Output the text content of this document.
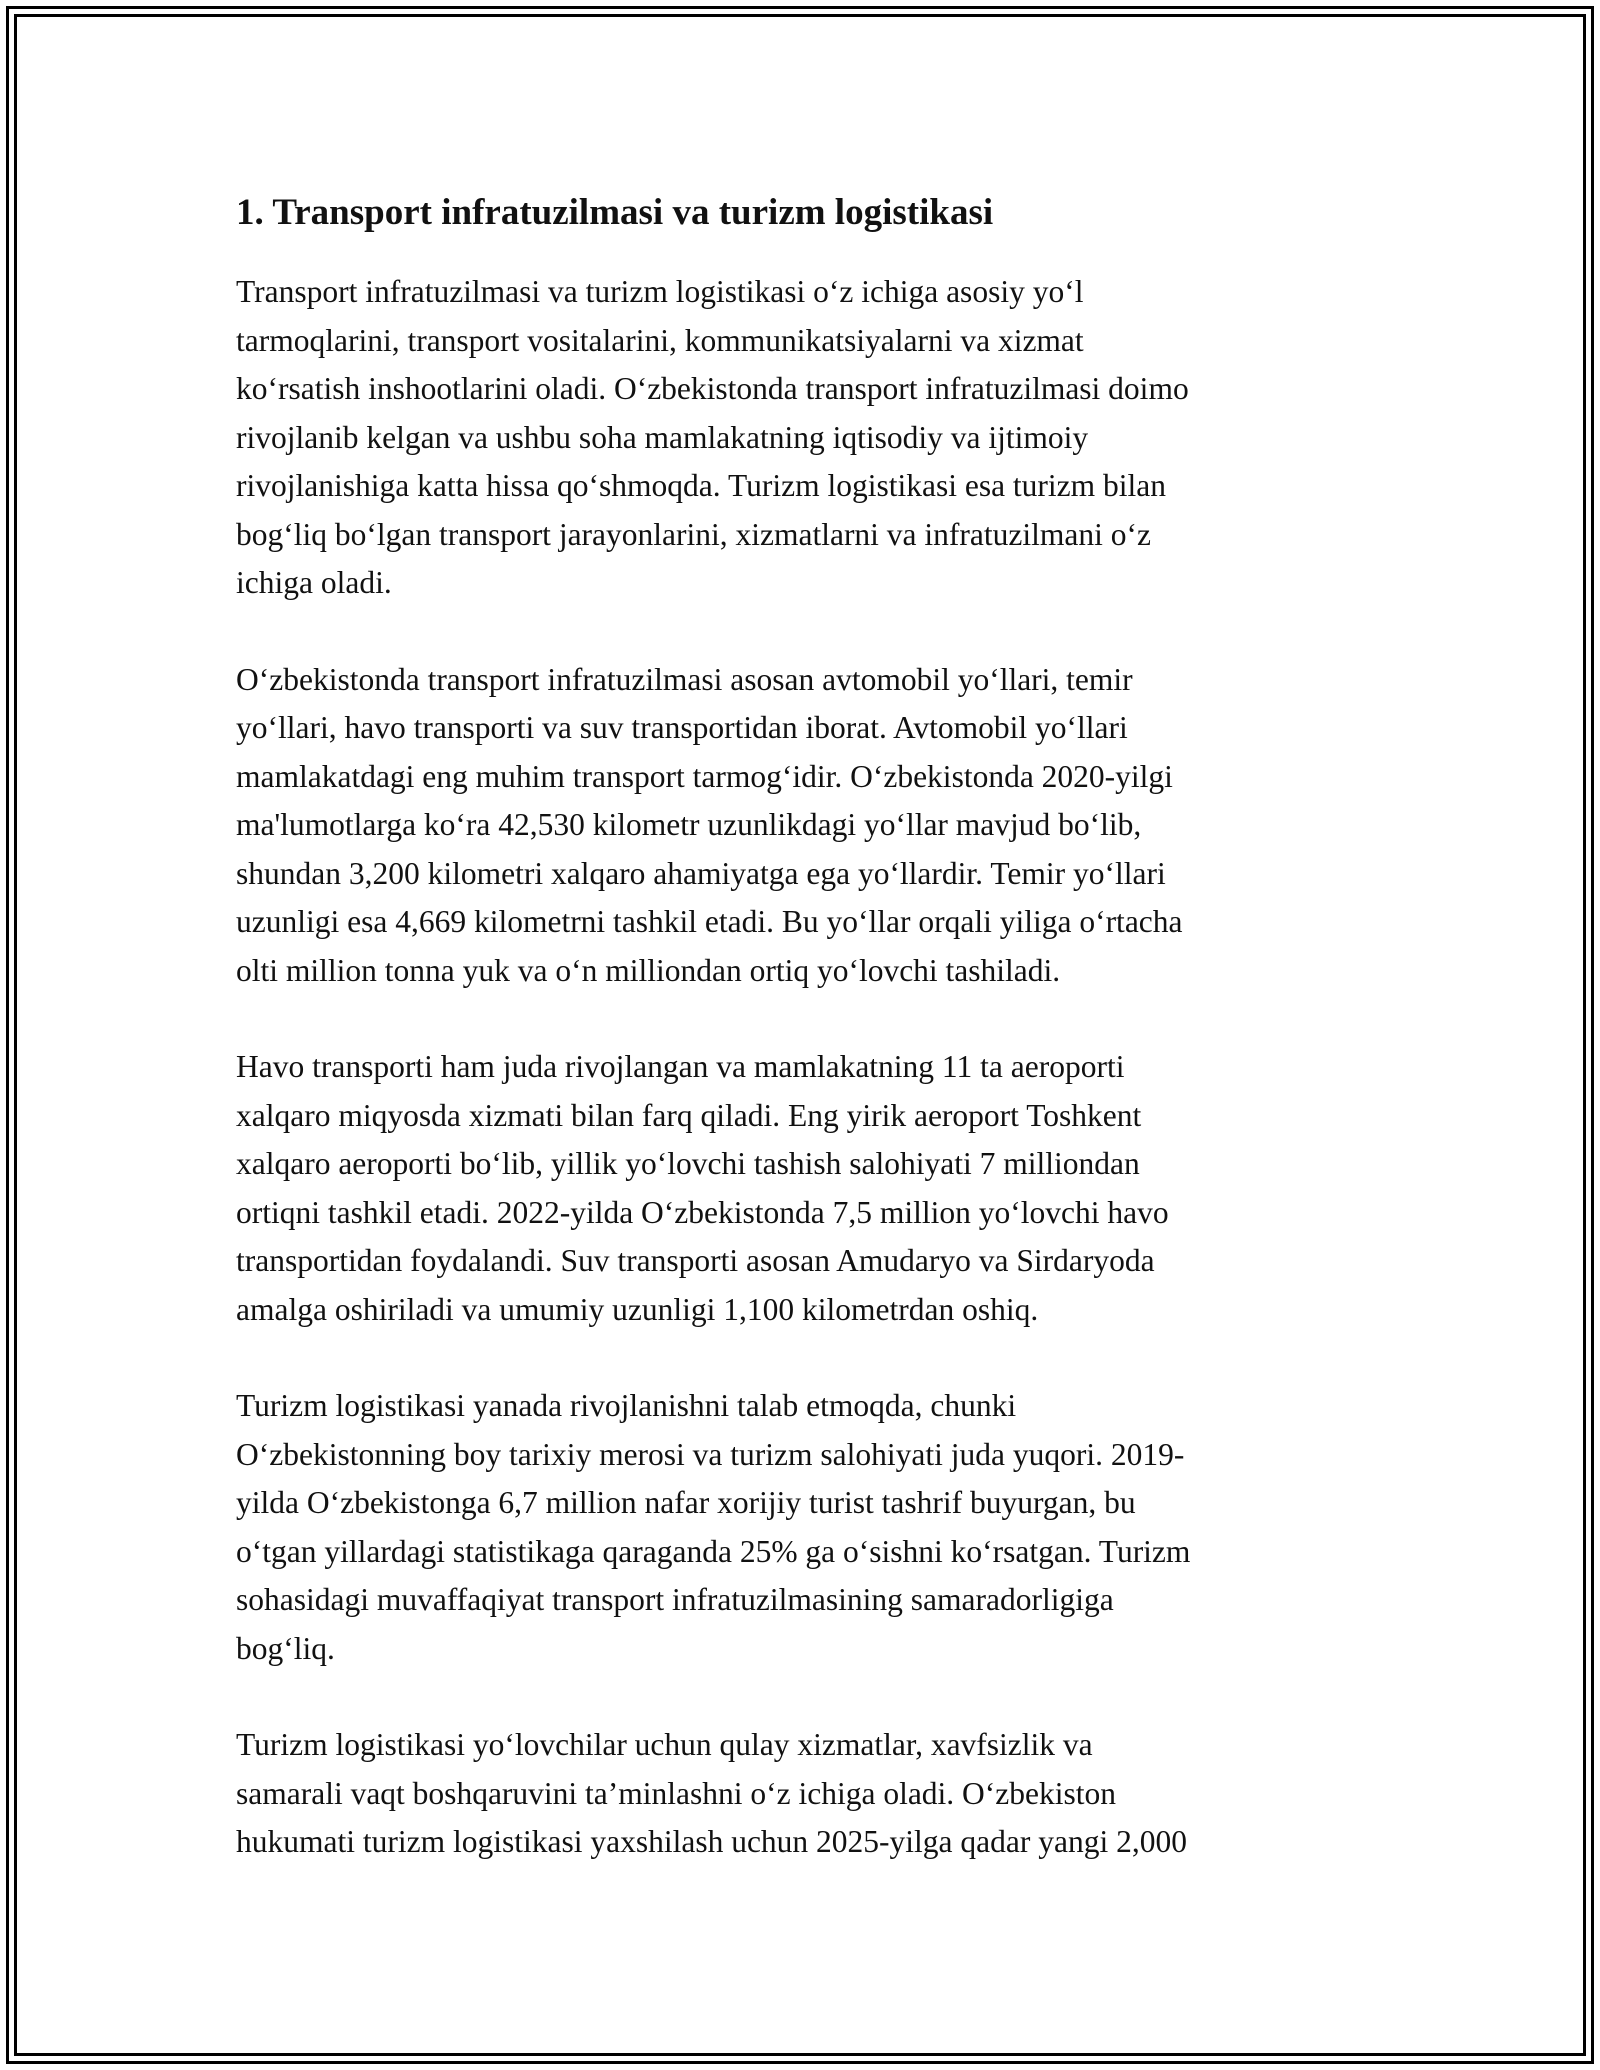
1. Transport infratuzilmasi va turizm logistikasi

Transport infratuzilmasi va turizm logistikasi o‘z ichiga asosiy yo‘l
tarmoqlarini, transport vositalarini, kommunikatsiyalarni va xizmat
ko‘rsatish inshootlarini oladi. O‘zbekistonda transport infratuzilmasi doimo
rivojlanib kelgan va ushbu soha mamlakatning iqtisodiy va ijtimoiy
rivojlanishiga katta hissa qo‘shmoqda. Turizm logistikasi esa turizm bilan
bog‘liq bo‘lgan transport jarayonlarini, xizmatlarni va infratuzilmani o‘z
ichiga oladi.

O‘zbekistonda transport infratuzilmasi asosan avtomobil yo‘llari, temir
yo‘llari, havo transporti va suv transportidan iborat. Avtomobil yo‘llari
mamlakatdagi eng muhim transport tarmog‘idir. O‘zbekistonda 2020-yilgi
ma'lumotlarga ko‘ra 42,530 kilometr uzunlikdagi yo‘llar mavjud bo‘lib,
shundan 3,200 kilometri xalqaro ahamiyatga ega yo‘llardir. Temir yo‘llari
uzunligi esa 4,669 kilometrni tashkil etadi. Bu yo‘llar orqali yiliga o‘rtacha
olti million tonna yuk va o‘n milliondan ortiq yo‘lovchi tashiladi.

Havo transporti ham juda rivojlangan va mamlakatning 11 ta aeroporti
xalqaro miqyosda xizmati bilan farq qiladi. Eng yirik aeroport Toshkent
xalqaro aeroporti bo‘lib, yillik yo‘lovchi tashish salohiyati 7 milliondan
ortiqni tashkil etadi. 2022-yilda O‘zbekistonda 7,5 million yo‘lovchi havo
transportidan foydalandi. Suv transporti asosan Amudaryo va Sirdaryoda
amalga oshiriladi va umumiy uzunligi 1,100 kilometrdan oshiq.

Turizm logistikasi yanada rivojlanishni talab etmoqda, chunki
O‘zbekistonning boy tarixiy merosi va turizm salohiyati juda yuqori. 2019-
yilda O‘zbekistonga 6,7 million nafar xorijiy turist tashrif buyurgan, bu
o‘tgan yillardagi statistikaga qaraganda 25% ga o‘sishni ko‘rsatgan. Turizm
sohasidagi muvaffaqiyat transport infratuzilmasining samaradorligiga
bog‘liq.

Turizm logistikasi yo‘lovchilar uchun qulay xizmatlar, xavfsizlik va
samarali vaqt boshqaruvini ta’minlashni o‘z ichiga oladi. O‘zbekiston
hukumati turizm logistikasi yaxshilash uchun 2025-yilga qadar yangi 2,000
